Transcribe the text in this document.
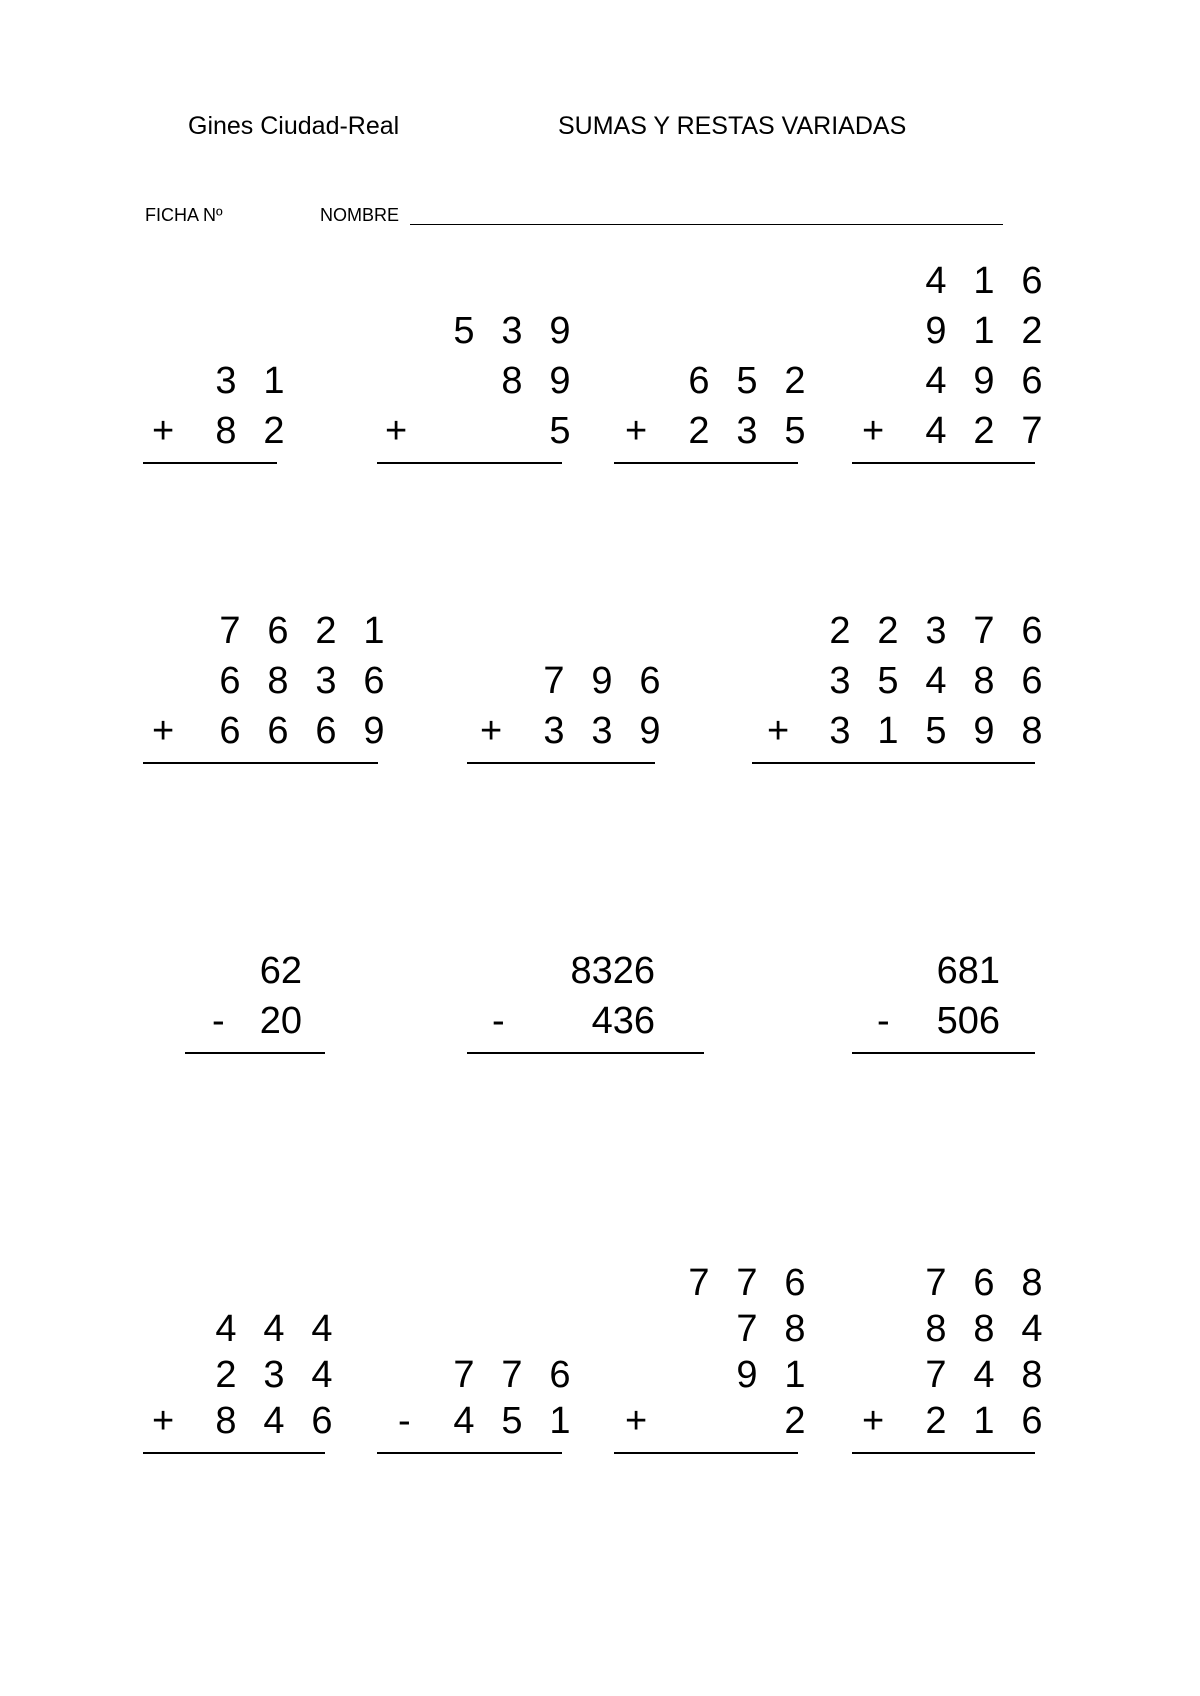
Gines Ciudad-Real	SUMAS Y RESTAS VARIADAS
FICHA Nº	NOMBRE
3 1
8 2
+
5 3 9
8 9
5
+
6 5 2
2 3 5
+
4 1 6
9 1 2
4 9 6
4 2 7
+
7 6 2 1
6 8 3 6
6 6 6 9
+
7 9 6
3 3 9
+
2 2 3 7 6
3 5 4 8 6
3 1 5 9 8
+
62
20
-
8326
436
-
681
506
-
4 4 4
2 3 4
8 4 6
+
7 7 6
4 5 1
-
7 7 6
7 8
9 1
2
+
7 6 8
8 8 4
7 4 8
2 1 6
+
